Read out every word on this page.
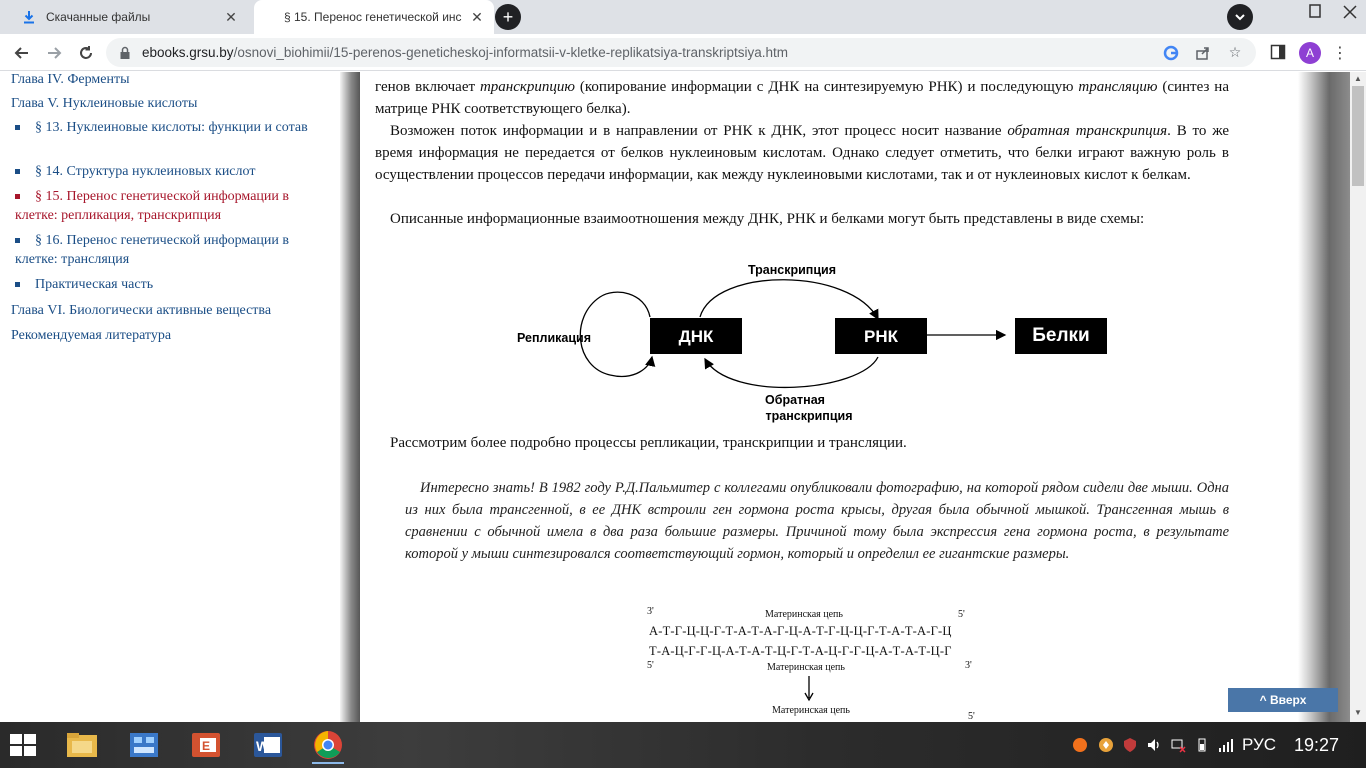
Скачанные файлы	✕	§ 15. Перенос генетической инс ✕	+
ebooks.grsu.by/osnovi_biohimii/15-perenos-geneticheskoj-informatsii-v-kletke-replikatsiya-transkriptsiya.htm	☆	A	⋮
Глава IV. Ферменты
Глава V. Нуклеиновые кислоты
§ 13. Нуклеиновые кислоты: функции и сотав
§ 14. Структура нуклеиновых кислот
§ 15. Перенос генетической информации в клетке: репликация, транскрипция
§ 16. Перенос генетической информации в клетке: трансляция
Практическая часть
Глава VI. Биологически активные вещества
Рекомендуемая литература
генов включает транскрипцию (копирование информации с ДНК на синтезируемую РНК) и последующую трансляцию (синтез на матрице РНК соответствующего белка).
Возможен поток информации и в направлении от РНК к ДНК, этот процесс носит название обратная транскрипция. В то же время информация не передается от белков нуклеиновым кислотам. Однако следует отметить, что белки играют важную роль в осуществлении процессов передачи информации, как между нуклеиновыми кислотами, так и от нуклеиновых кислот к белкам.
Описанные информационные взаимоотношения между ДНК, РНК и белками могут быть представлены в виде схемы:
ДНК	РНК	Белки
Репликация
Транскрипция
Обратная
транскрипция
Рассмотрим более подробно процессы репликации, транскрипции и трансляции.
Интересно знать! В 1982 году Р.Д.Пальмитер с коллегами опубликовали фотографию, на которой рядом сидели две мыши. Одна из них была трансгенной, в ее ДНК встроили ген гормона роста крысы, другая была обычной мышкой. Трансгенная мышь в сравнении с обычной имела в два раза большие размеры. Причиной тому была экспрессия гена гормона роста, в результате которой у мыши синтезировался соответствующий гормон, который и определил ее гигантские размеры.
3'	Материнская цепь	5'
А-Т-Г-Ц-Ц-Г-Т-А-Т-А-Г-Ц-А-Т-Г-Ц-Ц-Г-Т-А-Т-А-Г-Ц
Т-А-Ц-Г-Г-Ц-А-Т-А-Т-Ц-Г-Т-А-Ц-Г-Г-Ц-А-Т-А-Т-Ц-Г
5'	Материнская цепь	3'
Материнская цепь
5'
▲
▼
^ Вверх
E	W	РУС 19:27
